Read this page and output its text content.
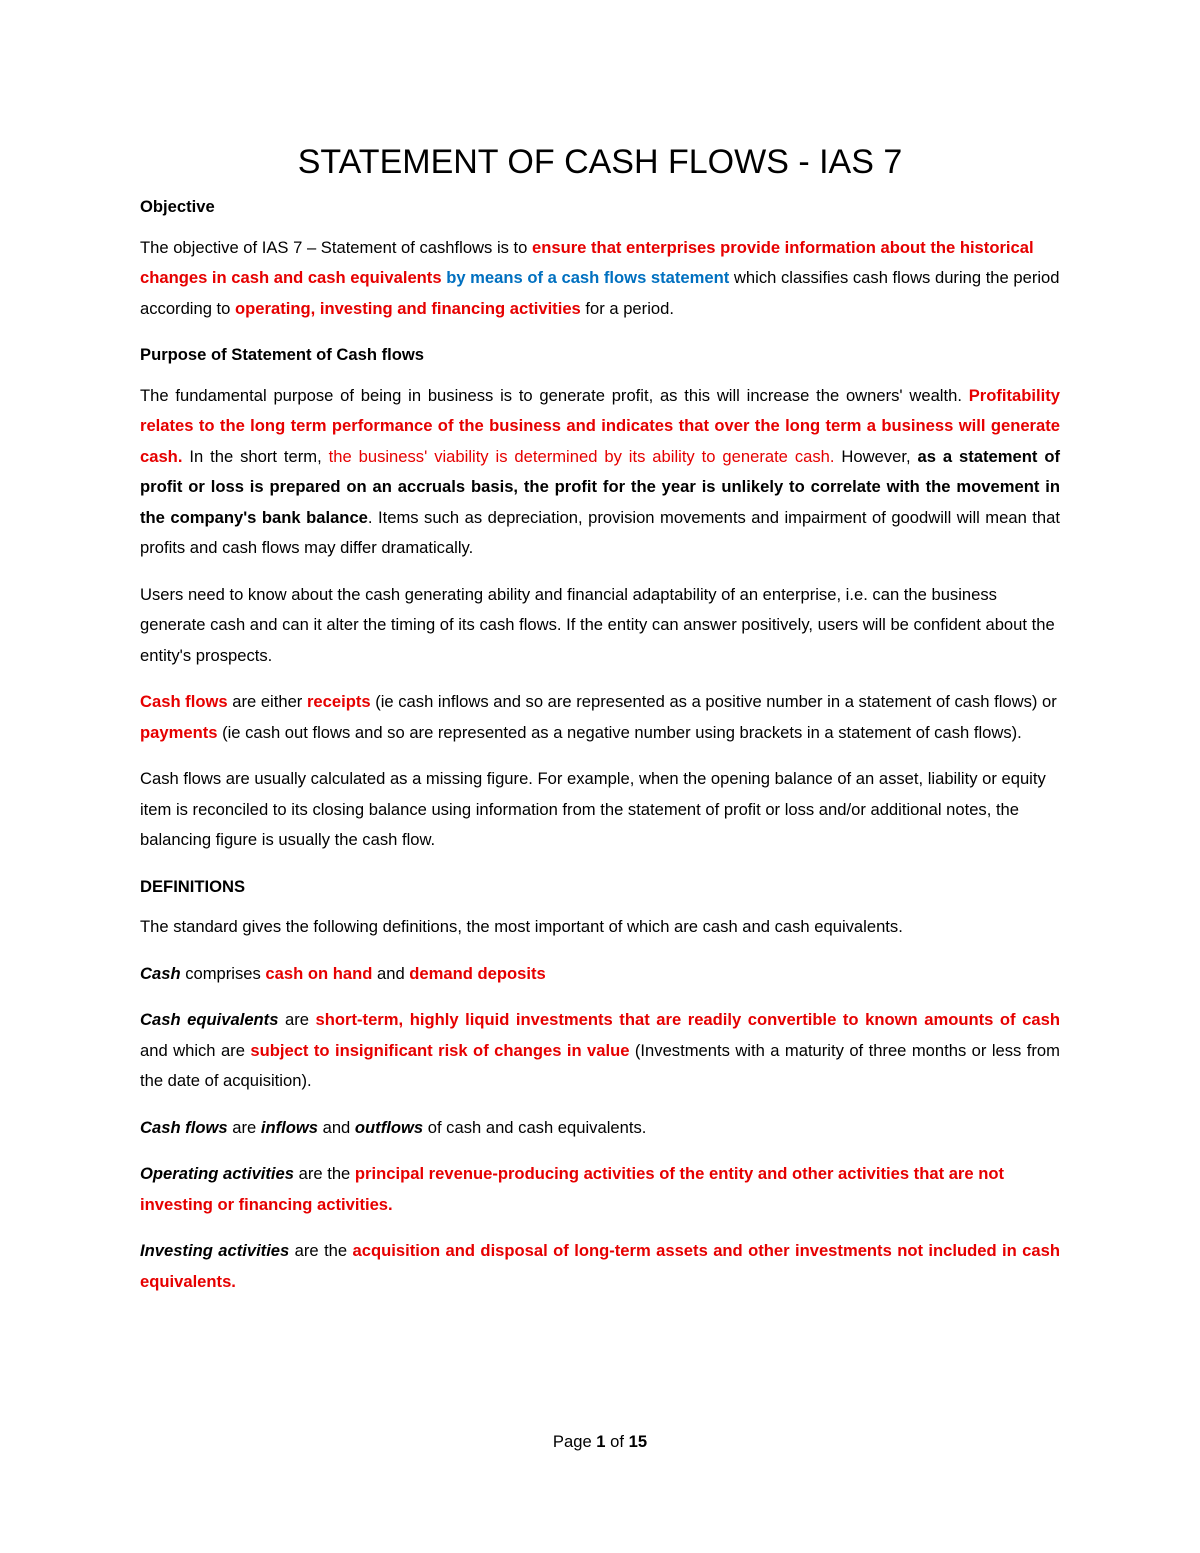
STATEMENT OF CASH FLOWS - IAS 7
Objective

The objective of IAS 7 – Statement of cashflows is to ensure that enterprises provide information about the historical changes in cash and cash equivalents by means of a cash flows statement which classifies cash flows during the period according to operating, investing and financing activities for a period.

Purpose of Statement of Cash flows

The fundamental purpose of being in business is to generate profit, as this will increase the owners' wealth. Profitability relates to the long term performance of the business and indicates that over the long term a business will generate cash. In the short term, the business' viability is determined by its ability to generate cash. However, as a statement of profit or loss is prepared on an accruals basis, the profit for the year is unlikely to correlate with the movement in the company's bank balance. Items such as depreciation, provision movements and impairment of goodwill will mean that profits and cash flows may differ dramatically.

Users need to know about the cash generating ability and financial adaptability of an enterprise, i.e. can the business generate cash and can it alter the timing of its cash flows. If the entity can answer positively, users will be confident about the entity's prospects.

Cash flows are either receipts (ie cash inflows and so are represented as a positive number in a statement of cash flows) or payments (ie cash out flows and so are represented as a negative number using brackets in a statement of cash flows).

Cash flows are usually calculated as a missing figure. For example, when the opening balance of an asset, liability or equity item is reconciled to its closing balance using information from the statement of profit or loss and/or additional notes, the balancing figure is usually the cash flow.

DEFINITIONS

The standard gives the following definitions, the most important of which are cash and cash equivalents.

Cash comprises cash on hand and demand deposits

Cash equivalents are short-term, highly liquid investments that are readily convertible to known amounts of cash and which are subject to insignificant risk of changes in value (Investments with a maturity of three months or less from the date of acquisition).

Cash flows are inflows and outflows of cash and cash equivalents.

Operating activities are the principal revenue-producing activities of the entity and other activities that are not investing or financing activities.

Investing activities are the acquisition and disposal of long-term assets and other investments not included in cash equivalents.

Page 1 of 15
